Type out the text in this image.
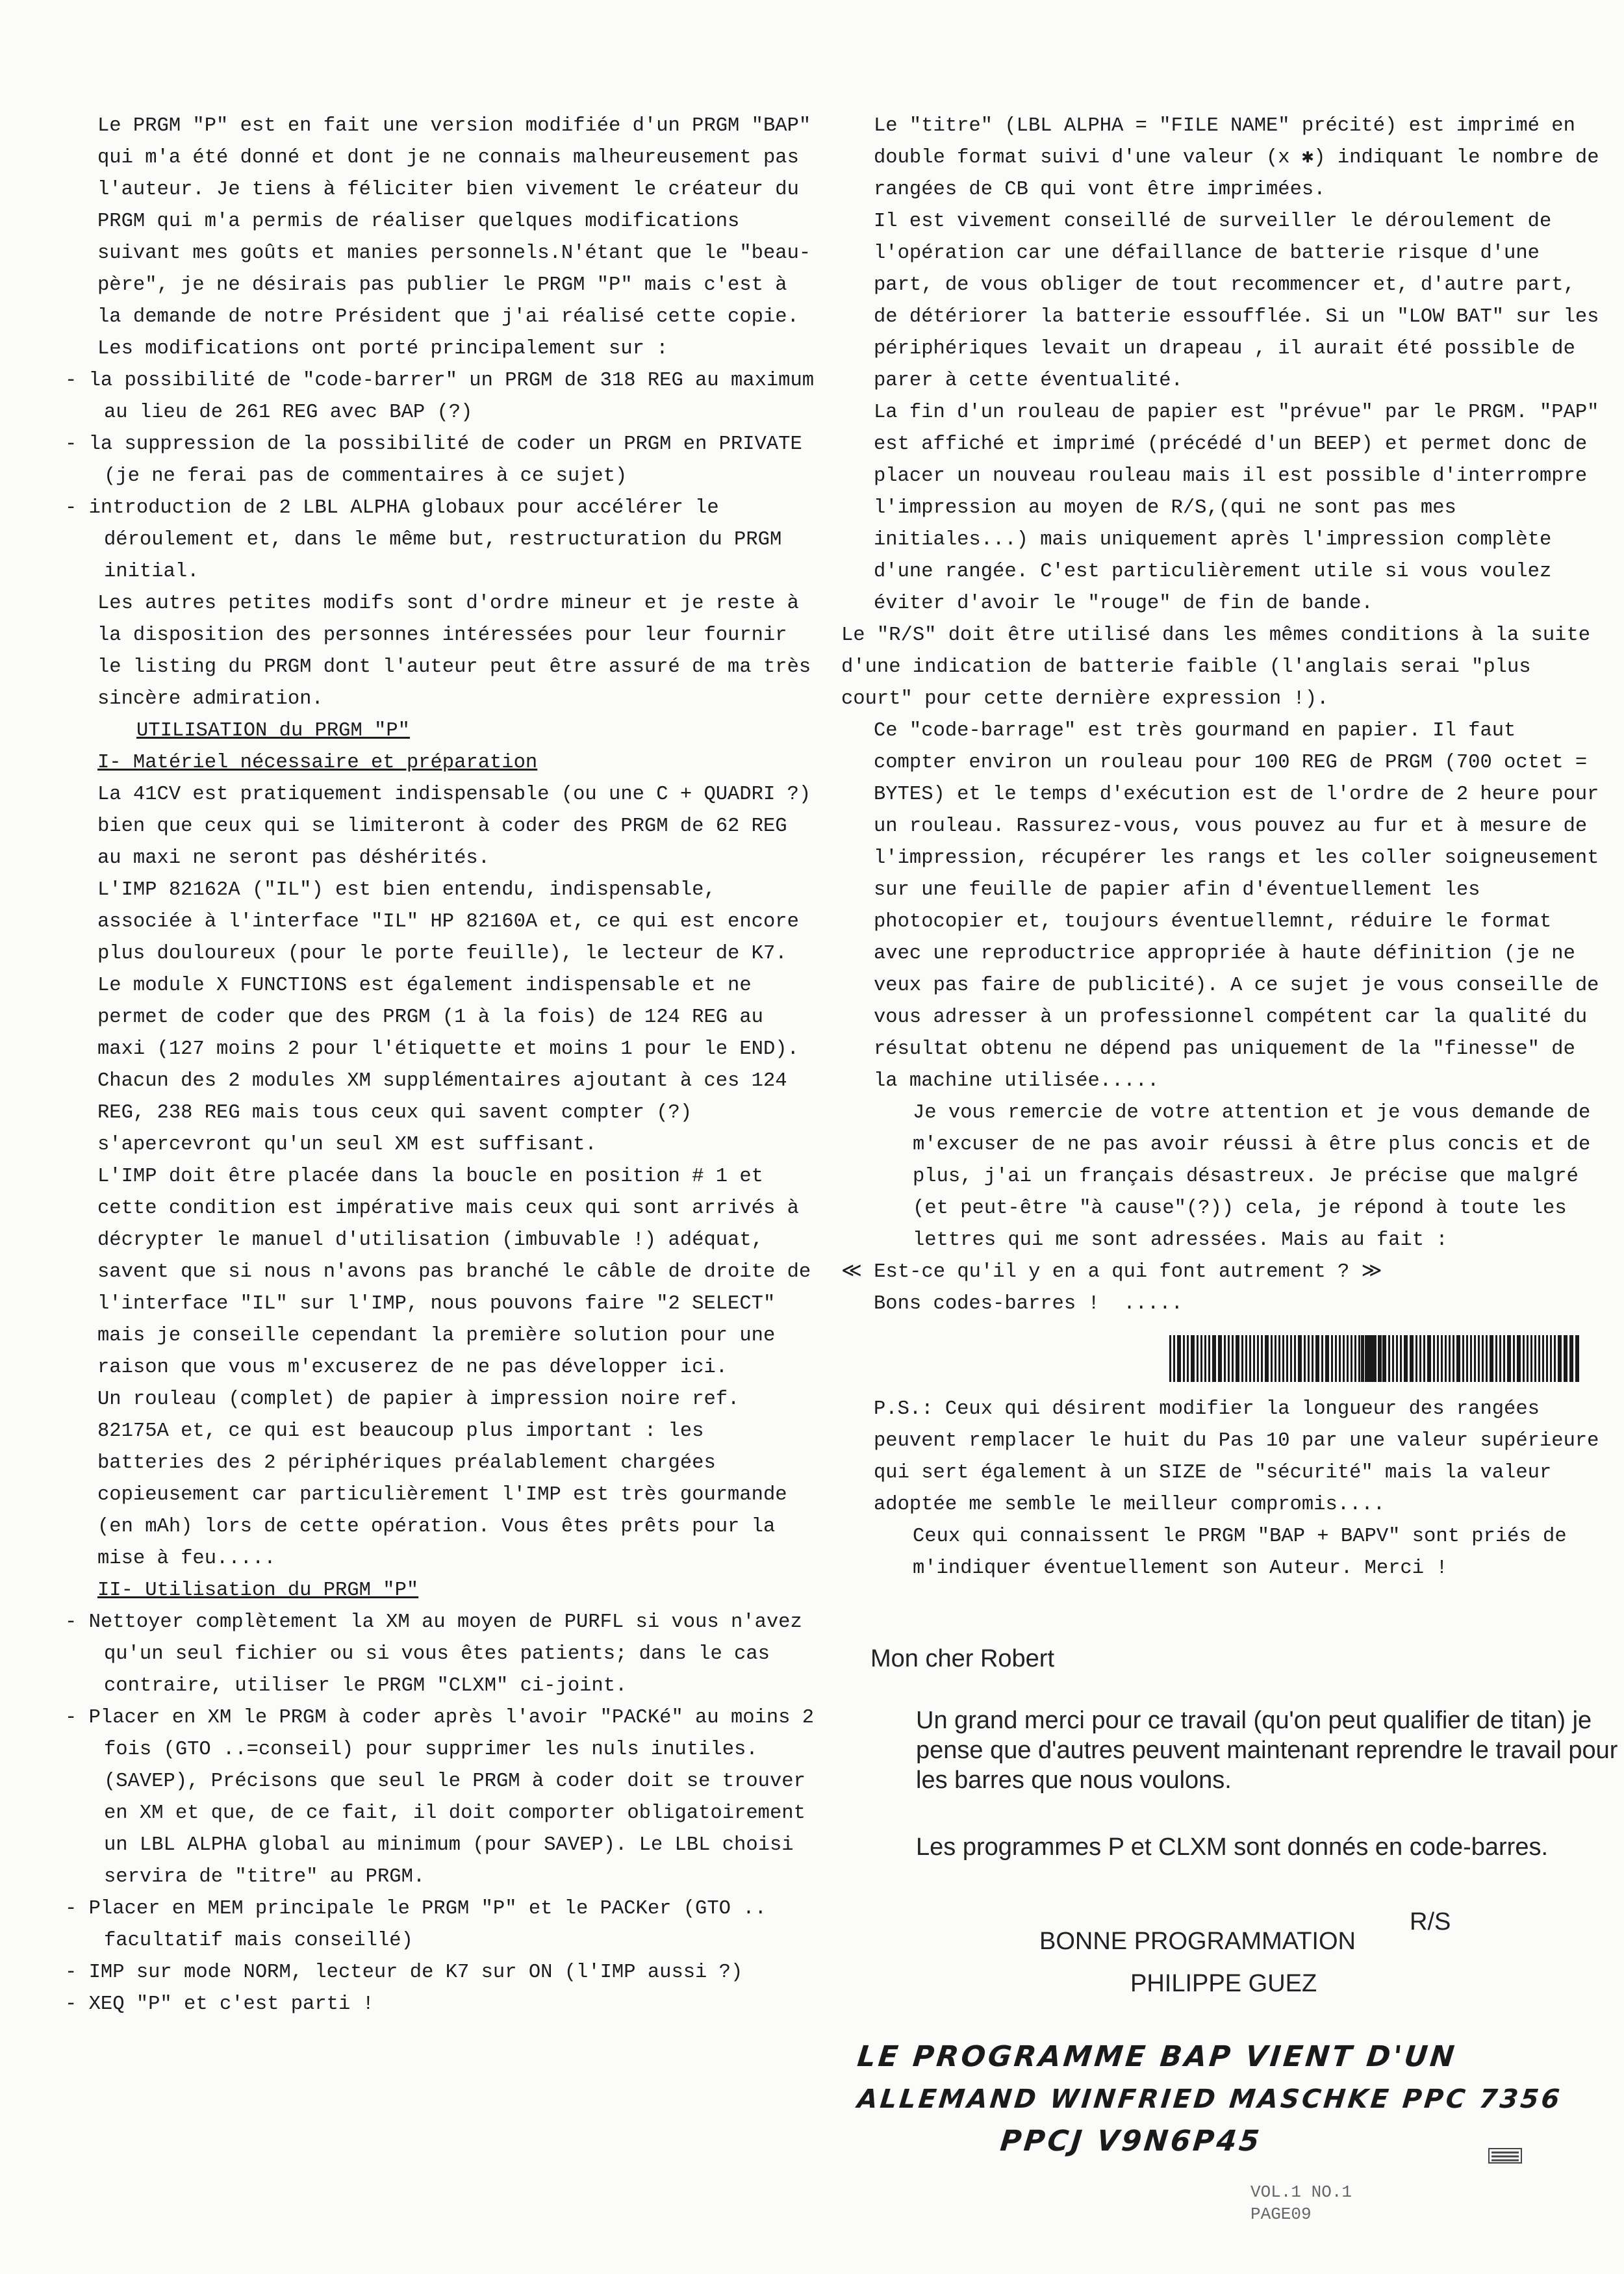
Le PRGM "P" est en fait une version modifiée d'un PRGM "BAP" qui m'a été donné et dont je ne connais malheureusement pas l'auteur. Je tiens à féliciter bien vivement le créateur du PRGM qui m'a permis de réaliser quelques modifications suivant mes goûts et manies personnels.N'étant que le "beau-père", je ne désirais pas publier le PRGM "P" mais c'est à la demande de notre Président que j'ai réalisé cette copie.

Les modifications ont porté principalement sur :

- la possibilité de "code-barrer" un PRGM de 318 REG au maximum au lieu de 261 REG avec BAP (?)

- la suppression de la possibilité de coder un PRGM en PRIVATE (je ne ferai pas de commentaires à ce sujet)

- introduction de 2 LBL ALPHA globaux pour accélérer le déroulement et, dans le même but, restructuration du PRGM initial.

Les autres petites modifs sont d'ordre mineur et je reste à la disposition des personnes intéressées pour leur fournir le listing du PRGM dont l'auteur peut être assuré de ma très sincère admiration.

UTILISATION du PRGM "P"

I- Matériel nécessaire et préparation

La 41CV est pratiquement indispensable (ou une C + QUADRI ?) bien que ceux qui se limiteront à coder des PRGM de 62 REG au maxi ne seront pas déshérités.

L'IMP 82162A ("IL") est bien entendu, indispensable, associée à l'interface "IL" HP 82160A et, ce qui est encore plus douloureux (pour le porte feuille), le lecteur de K7. Le module X FUNCTIONS est également indispensable et ne permet de coder que des PRGM (1 à la fois) de 124 REG au maxi (127 moins 2 pour l'étiquette et moins 1 pour le END). Chacun des 2 modules XM supplémentaires ajoutant à ces 124 REG, 238 REG mais tous ceux qui savent compter (?) s'apercevront qu'un seul XM est suffisant.

L'IMP doit être placée dans la boucle en position # 1 et cette condition est impérative mais ceux qui sont arrivés à décrypter le manuel d'utilisation (imbuvable !) adéquat, savent que si nous n'avons pas branché le câble de droite de l'interface "IL" sur l'IMP, nous pouvons faire "2 SELECT" mais je conseille cependant la première solution pour une raison que vous m'excuserez de ne pas développer ici.

Un rouleau (complet) de papier à impression noire ref. 82175A et, ce qui est beaucoup plus important : les batteries des 2 périphériques préalablement chargées copieusement car particulièrement l'IMP est très gourmande (en mAh) lors de cette opération. Vous êtes prêts pour la mise à feu.....

II- Utilisation du PRGM "P"

- Nettoyer complètement la XM au moyen de PURFL si vous n'avez qu'un seul fichier ou si vous êtes patients; dans le cas contraire, utiliser le PRGM "CLXM" ci-joint.

- Placer en XM le PRGM à coder après l'avoir "PACKé" au moins 2 fois (GTO ..=conseil) pour supprimer les nuls inutiles. (SAVEP), Précisons que seul le PRGM à coder doit se trouver en XM et que, de ce fait, il doit comporter obligatoirement un LBL ALPHA global au minimum (pour SAVEP). Le LBL choisi servira de "titre" au PRGM.

- Placer en MEM principale le PRGM "P" et le PACKer (GTO .. facultatif mais conseillé)

- IMP sur mode NORM, lecteur de K7 sur ON (l'IMP aussi ?)

- XEQ "P" et c'est parti !

Le "titre" (LBL ALPHA = "FILE NAME" précité) est imprimé en double format suivi d'une valeur (x ✱) indiquant le nombre de rangées de CB qui vont être imprimées.

Il est vivement conseillé de surveiller le déroulement de l'opération car une défaillance de batterie risque d'une part, de vous obliger de tout recommencer et, d'autre part, de détériorer la batterie essoufflée. Si un "LOW BAT" sur les périphériques levait un drapeau , il aurait été possible de parer à cette éventualité.

La fin d'un rouleau de papier est "prévue" par le PRGM. "PAP" est affiché et imprimé (précédé d'un BEEP) et permet donc de placer un nouveau rouleau mais il est possible d'interrompre l'impression au moyen de R/S,(qui ne sont pas mes initiales...) mais uniquement après l'impression complète d'une rangée. C'est particulièrement utile si vous voulez éviter d'avoir le "rouge" de fin de bande.

Le "R/S" doit être utilisé dans les mêmes conditions à la suite d'une indication de batterie faible (l'anglais serai "plus court" pour cette dernière expression !).

Ce "code-barrage" est très gourmand en papier. Il faut compter environ un rouleau pour 100 REG de PRGM (700 octet = BYTES) et le temps d'exécution est de l'ordre de 2 heure pour un rouleau. Rassurez-vous, vous pouvez au fur et à mesure de l'impression, récupérer les rangs et les coller soigneusement sur une feuille de papier afin d'éventuellement les photocopier et, toujours éventuellemnt, réduire le format avec une reproductrice appropriée à haute définition (je ne veux pas faire de publicité). A ce sujet je vous conseille de vous adresser à un professionnel compétent car la qualité du résultat obtenu ne dépend pas uniquement de la "finesse" de la machine utilisée.....

Je vous remercie de votre attention et je vous demande de m'excuser de ne pas avoir réussi à être plus concis et de plus, j'ai un français désastreux. Je précise que malgré (et peut-être "à cause"(?)) cela, je répond à toute les lettres qui me sont adressées. Mais au fait :

≪ Est-ce qu'il y en a qui font autrement ? ≫

Bons codes-barres !  .....

P.S.: Ceux qui désirent modifier la longueur des rangées peuvent remplacer le huit du Pas 10 par une valeur supérieure qui sert également à un SIZE de "sécurité" mais la valeur adoptée me semble le meilleur compromis....

Ceux qui connaissent le PRGM "BAP + BAPV" sont priés de m'indiquer éventuellement son Auteur. Merci !

Mon cher Robert
Un grand merci pour ce travail (qu'on peut qualifier de titan) je pense que d'autres peuvent maintenant reprendre le travail pour les barres que nous voulons.
Les programmes P et CLXM sont donnés en code-barres.
R/S
BONNE PROGRAMMATION
PHILIPPE GUEZ
LE PROGRAMME BAP VIENT D'UN
ALLEMAND WINFRIED MASCHKE PPC 7356
PPCJ V9N6P45
VOL.1 NO.1
PAGE09
